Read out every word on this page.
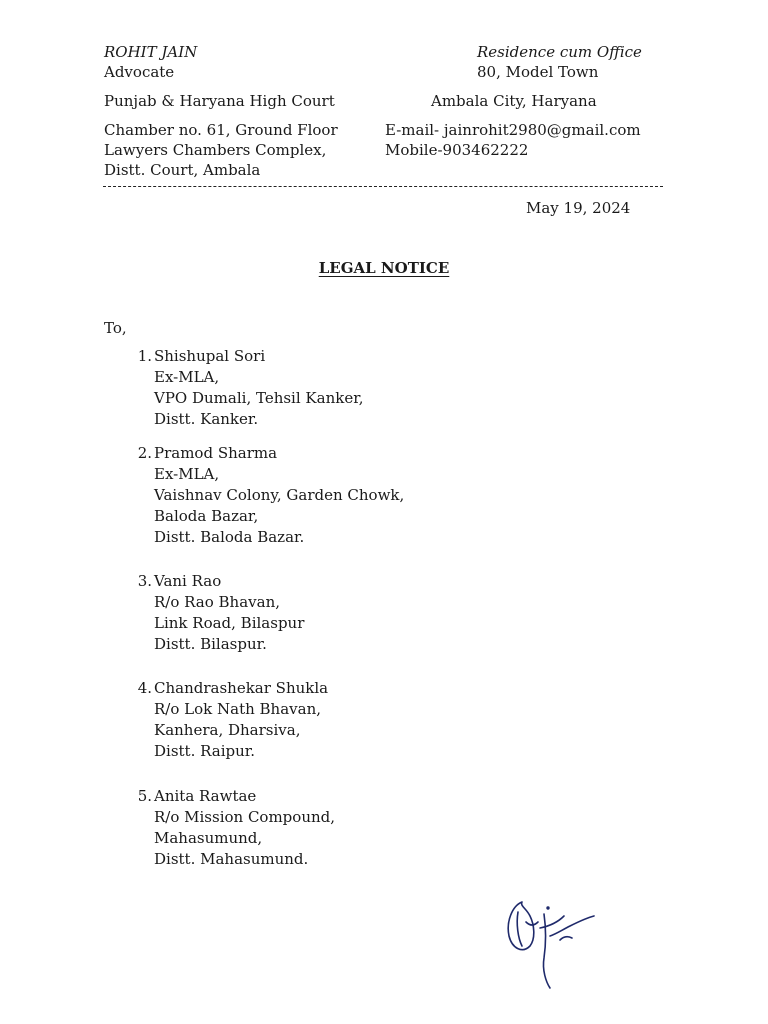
ROHIT JAIN
Advocate
Punjab & Haryana High Court
Chamber no. 61, Ground Floor
Lawyers Chambers Complex,
Distt. Court, Ambala
Residence cum Office
80, Model Town
Ambala City, Haryana
E-mail- jainrohit2980@gmail.com
Mobile-903462222
May 19, 2024
LEGAL NOTICE
To,
1. Shishupal Sori
Ex-MLA,
VPO Dumali, Tehsil Kanker,
Distt. Kanker.
2. Pramod Sharma
Ex-MLA,
Vaishnav Colony, Garden Chowk,
Baloda Bazar,
Distt. Baloda Bazar.
3. Vani Rao
R/o Rao Bhavan,
Link Road, Bilaspur
Distt. Bilaspur.
4. Chandrashekar Shukla
R/o Lok Nath Bhavan,
Kanhera, Dharsiva,
Distt. Raipur.
5. Anita Rawtae
R/o Mission Compound,
Mahasumund,
Distt. Mahasumund.
